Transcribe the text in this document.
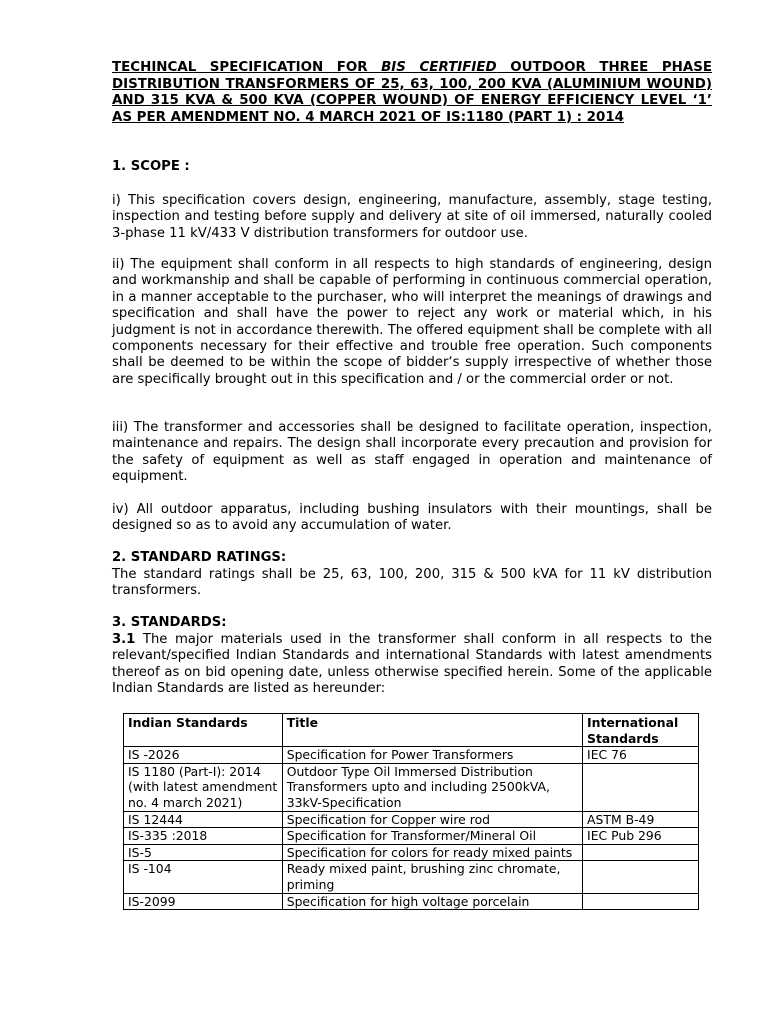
TECHINCAL SPECIFICATION FOR BIS CERTIFIED OUTDOOR THREE PHASE DISTRIBUTION TRANSFORMERS OF 25, 63, 100, 200 KVA (ALUMINIUM WOUND) AND 315 KVA & 500 KVA (COPPER WOUND) OF ENERGY EFFICIENCY LEVEL ‘1’ AS PER AMENDMENT NO. 4 MARCH 2021 OF IS:1180 (PART 1) : 2014
1. SCOPE :
i) This specification covers design, engineering, manufacture, assembly, stage testing, inspection and testing before supply and delivery at site of oil immersed, naturally cooled 3-phase 11 kV/433 V distribution transformers for outdoor use.
ii) The equipment shall conform in all respects to high standards of engineering, design and workmanship and shall be capable of performing in continuous commercial operation, in a manner acceptable to the purchaser, who will interpret the meanings of drawings and specification and shall have the power to reject any work or material which, in his judgment is not in accordance therewith. The offered equipment shall be complete with all components necessary for their effective and trouble free operation. Such components shall be deemed to be within the scope of bidder‘s supply irrespective of whether those are specifically brought out in this specification and / or the commercial order or not.
iii) The transformer and accessories shall be designed to facilitate operation, inspection, maintenance and repairs. The design shall incorporate every precaution and provision for the safety of equipment as well as staff engaged in operation and maintenance of equipment.
iv) All outdoor apparatus, including bushing insulators with their mountings, shall be designed so as to avoid any accumulation of water.
2. STANDARD RATINGS:
The standard ratings shall be 25, 63, 100, 200, 315 & 500 kVA for 11 kV distribution transformers.
3. STANDARDS:
3.1 The major materials used in the transformer shall conform in all respects to the relevant/specified Indian Standards and international Standards with latest amendments thereof as on bid opening date, unless otherwise specified herein. Some of the applicable Indian Standards are listed as hereunder:
Indian Standards	Title	International Standards
IS -2026	Specification for Power Transformers	IEC 76
IS 1180 (Part-I): 2014 (with latest amendment no. 4 march 2021)	Outdoor Type Oil Immersed Distribution Transformers upto and including 2500kVA, 33kV-Specification	
IS 12444	Specification for Copper wire rod	ASTM B-49
IS-335 :2018	Specification for Transformer/Mineral Oil	IEC Pub 296
IS-5	Specification for colors for ready mixed paints	
IS -104	Ready mixed paint, brushing zinc chromate, priming	
IS-2099	Specification for high voltage porcelain	
